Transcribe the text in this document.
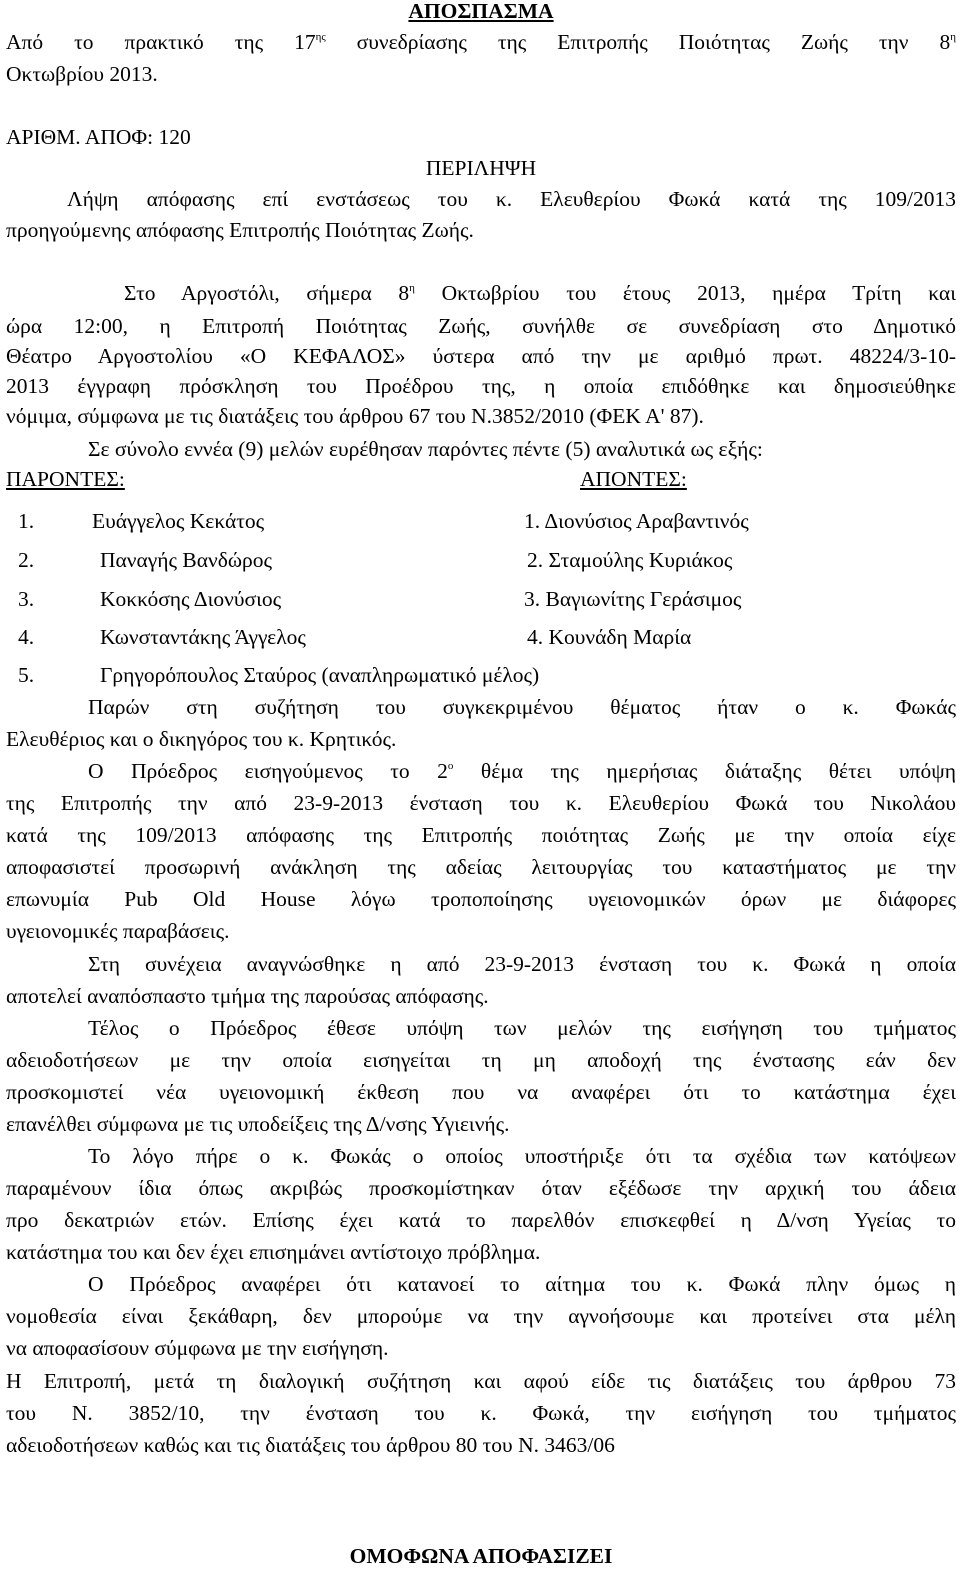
ΑΠΟΣΠΑΣΜΑ
Από το πρακτικό της $17^{\eta\varsigma}$ συνεδρίασης της Επιτροπής Ποιότητας Ζωής την $8^\eta$
Οκτωβρίου 2013.
ΑΡΙΘΜ. ΑΠΟΦ: 120
ΠΕΡΙΛΗΨΗ
Λήψη απόφασης επί ενστάσεως του κ. Ελευθερίου Φωκά κατά της 109/2013
προηγούμενης απόφασης Επιτροπής Ποιότητας Ζωής.
Στο Αργοστόλι, σήμερα $8^\eta$ Οκτωβρίου του έτους 2013, ημέρα Τρίτη και
ώρα 12:00, η Επιτροπή Ποιότητας Ζωής, συνήλθε σε συνεδρίαση στο Δημοτικό
Θέατρο Αργοστολίου «Ο ΚΕΦΑΛΟΣ» ύστερα από την με αριθμό πρωτ. 48224/3-10-
2013 έγγραφη πρόσκληση του Προέδρου της, η οποία επιδόθηκε και δημοσιεύθηκε
νόμιμα, σύμφωνα με τις διατάξεις του άρθρου 67 του Ν.3852/2010 (ΦΕΚ Α' 87).
Σε σύνολο εννέα (9) μελών ευρέθησαν παρόντες πέντε (5) αναλυτικά ως εξής:
ΠΑΡΟΝΤΕΣ:	ΑΠΟΝΤΕΣ:
1.	Ευάγγελος Κεκάτος	1. Διονύσιος Αραβαντινός
2.	Παναγής Βανδώρος	2. Σταμούλης Κυριάκος
3.	Κοκκόσης Διονύσιος	3. Βαγιωνίτης Γεράσιμος
4.	Κωνσταντάκης Άγγελος	4. Κουνάδη Μαρία
5.	Γρηγορόπουλος Σταύρος (αναπληρωματικό μέλος)
Παρών στη συζήτηση του συγκεκριμένου θέματος ήταν ο κ. Φωκάς
Ελευθέριος και ο δικηγόρος του κ. Κρητικός.
Ο Πρόεδρος εισηγούμενος το $2^o$ θέμα της ημερήσιας διάταξης θέτει υπόψη
της Επιτροπής την από 23-9-2013 ένσταση του κ. Ελευθερίου Φωκά του Νικολάου
κατά της 109/2013 απόφασης της Επιτροπής ποιότητας Ζωής με την οποία είχε
αποφασιστεί προσωρινή ανάκληση της αδείας λειτουργίας του καταστήματος με την
επωνυμία Pub Old House λόγω τροποποίησης υγειονομικών όρων με διάφορες
υγειονομικές παραβάσεις.
Στη συνέχεια αναγνώσθηκε η από 23-9-2013 ένσταση του κ. Φωκά η οποία
αποτελεί αναπόσπαστο τμήμα της παρούσας απόφασης.
Τέλος ο Πρόεδρος έθεσε υπόψη των μελών της εισήγηση του τμήματος
αδειοδοτήσεων με την οποία εισηγείται τη μη αποδοχή της ένστασης εάν δεν
προσκομιστεί νέα υγειονομική έκθεση που να αναφέρει ότι το κατάστημα έχει
επανέλθει σύμφωνα με τις υποδείξεις της Δ/νσης Υγιεινής.
Το λόγο πήρε ο κ. Φωκάς ο οποίος υποστήριξε ότι τα σχέδια των κατόψεων
παραμένουν ίδια όπως ακριβώς προσκομίστηκαν όταν εξέδωσε την αρχική του άδεια
προ δεκατριών ετών. Επίσης έχει κατά το παρελθόν επισκεφθεί η Δ/νση Υγείας το
κατάστημα του και δεν έχει επισημάνει αντίστοιχο πρόβλημα.
Ο Πρόεδρος αναφέρει ότι κατανοεί το αίτημα του κ. Φωκά πλην όμως η
νομοθεσία είναι ξεκάθαρη, δεν μπορούμε να την αγνοήσουμε και προτείνει στα μέλη
να αποφασίσουν σύμφωνα με την εισήγηση.
Η Επιτροπή, μετά τη διαλογική συζήτηση και αφού είδε τις διατάξεις του άρθρου 73
του Ν. 3852/10, την ένσταση του κ. Φωκά, την εισήγηση του τμήματος
αδειοδοτήσεων καθώς και τις διατάξεις του άρθρου 80 του Ν. 3463/06
ΟΜΟΦΩΝΑ ΑΠΟΦΑΣΙΖΕΙ
